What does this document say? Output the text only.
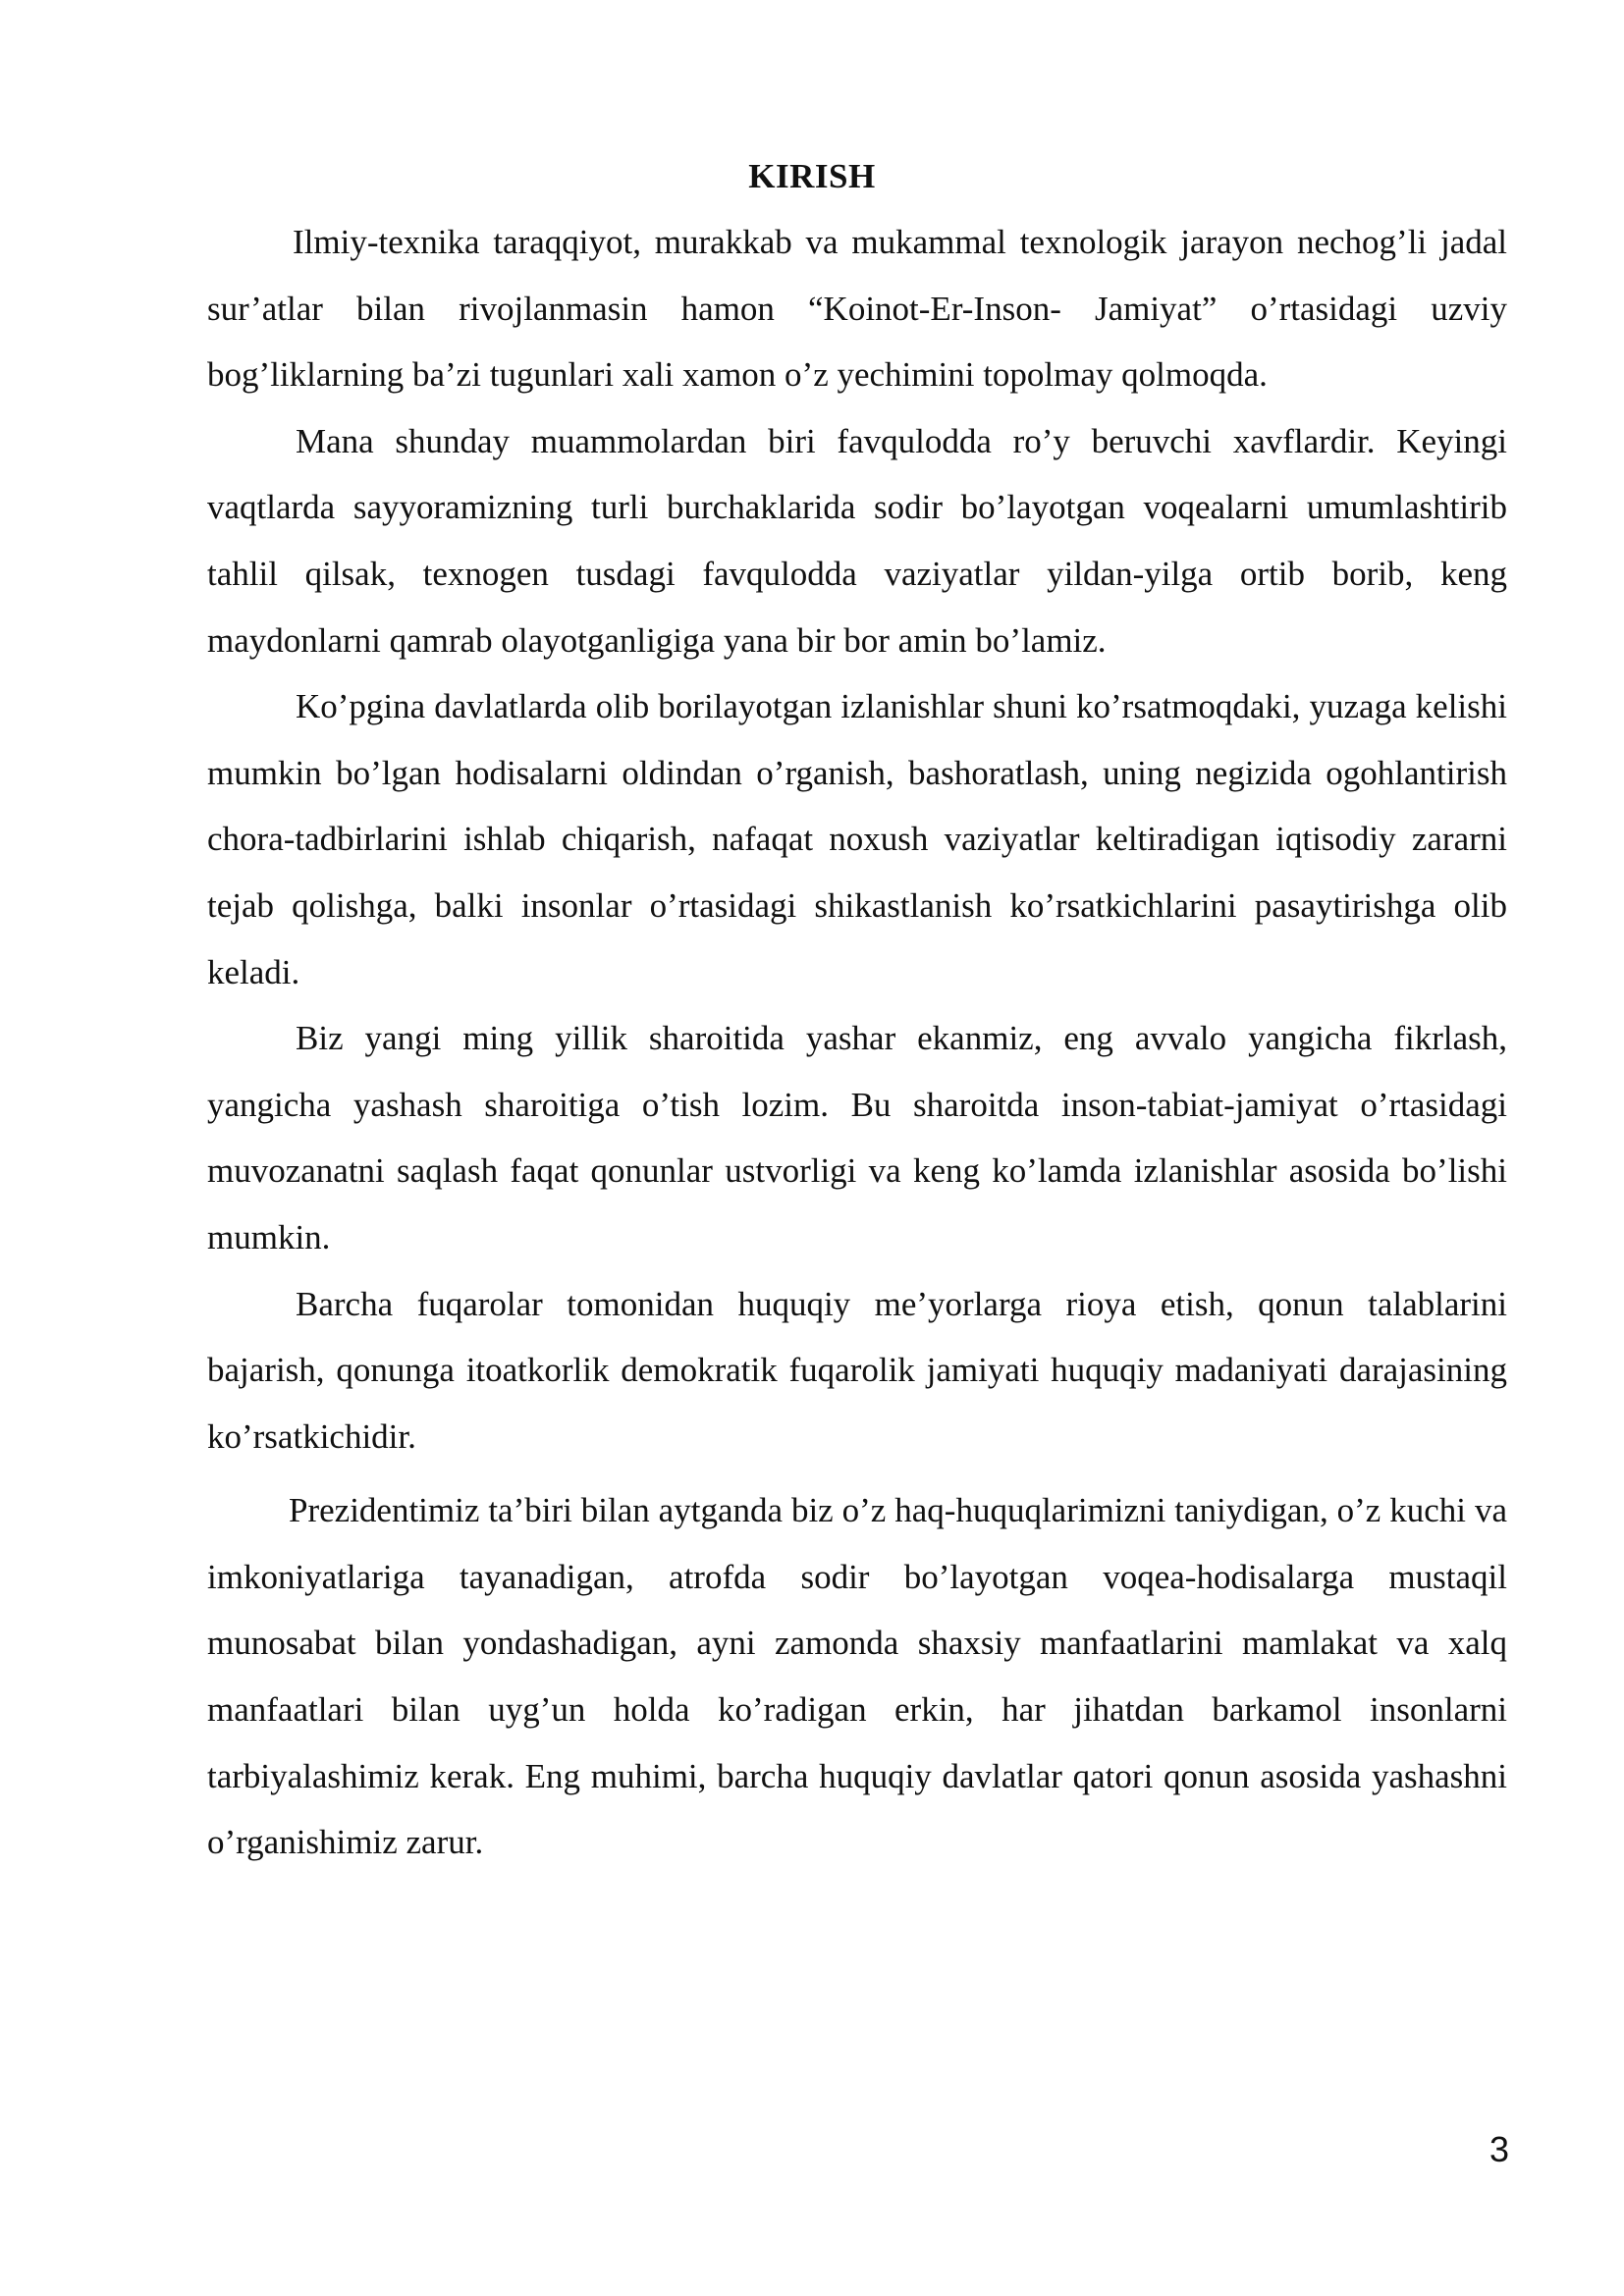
KIRISH

Ilmiy-texnika taraqqiyot, murakkab va mukammal texnologik jarayon nechog’li jadal sur’atlar bilan rivojlanmasin hamon “Koinot-Er-Inson- Jamiyat” o’rtasidagi uzviy bog’liklarning ba’zi tugunlari xali xamon o’z yechimini topolmay qolmoqda.

Mana shunday muammolardan biri favqulodda ro’y beruvchi xavflardir. Keyingi vaqtlarda sayyoramizning turli burchaklarida sodir bo’layotgan voqealarni umumlashtirib tahlil qilsak, texnogen tusdagi favqulodda vaziyatlar yildan-yilga ortib borib, keng maydonlarni qamrab olayotganligiga yana bir bor amin bo’lamiz.

Ko’pgina davlatlarda olib borilayotgan izlanishlar shuni ko’rsatmoqdaki, yuzaga kelishi mumkin bo’lgan hodisalarni oldindan o’rganish, bashoratlash, uning negizida ogohlantirish chora-tadbirlarini ishlab chiqarish, nafaqat noxush vaziyatlar keltiradigan iqtisodiy zararni tejab qolishga, balki insonlar o’rtasidagi shikastlanish ko’rsatkichlarini pasaytirishga olib keladi.

Biz yangi ming yillik sharoitida yashar ekanmiz, eng avvalo yangicha fikrlash, yangicha yashash sharoitiga o’tish lozim. Bu sharoitda inson-tabiat-jamiyat o’rtasidagi muvozanatni saqlash faqat qonunlar ustvorligi va keng ko’lamda izlanishlar asosida bo’lishi mumkin.

Barcha fuqarolar tomonidan huquqiy me’yorlarga rioya etish, qonun talablarini bajarish, qonunga itoatkorlik demokratik fuqarolik jamiyati huquqiy madaniyati darajasining ko’rsatkichidir.

Prezidentimiz ta’biri bilan aytganda biz o’z haq-huquqlarimizni taniydigan, o’z kuchi va imkoniyatlariga tayanadigan, atrofda sodir bo’layotgan voqea-hodisalarga mustaqil munosabat bilan yondashadigan, ayni zamonda shaxsiy manfaatlarini mamlakat va xalq manfaatlari bilan uyg’un holda ko’radigan erkin, har jihatdan barkamol insonlarni tarbiyalashimiz kerak. Eng muhimi, barcha huquqiy davlatlar qatori qonun asosida yashashni o’rganishimiz zarur.

3
